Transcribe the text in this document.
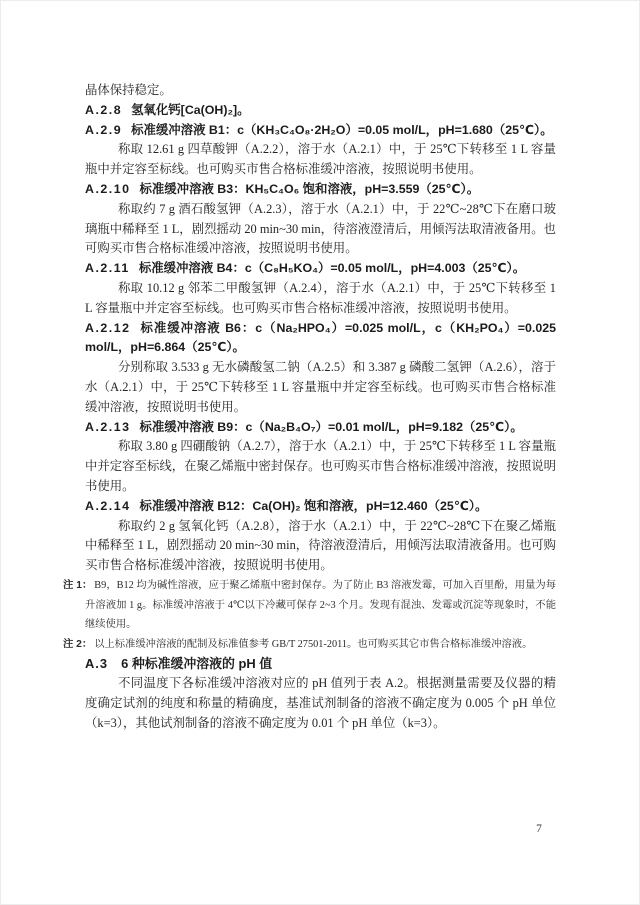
晶体保持稳定。

A.2.8 氢氧化钙[Ca(OH)₂]。

A.2.9 标准缓冲溶液 B1：c（KH₃C₄O₈·2H₂O）=0.05 mol/L，pH=1.680（25℃）。

称取 12.61 g 四草酸钾（A.2.2），溶于水（A.2.1）中，于 25℃下转移至 1 L 容量瓶中并定容至标线。也可购买市售合格标准缓冲溶液，按照说明书使用。

A.2.10 标准缓冲溶液 B3：KH₅C₄O₆ 饱和溶液，pH=3.559（25℃）。

称取约 7 g 酒石酸氢钾（A.2.3），溶于水（A.2.1）中，于 22℃~28℃下在磨口玻璃瓶中稀释至 1 L，剧烈摇动 20 min~30 min，待溶液澄清后，用倾泻法取清液备用。也可购买市售合格标准缓冲溶液，按照说明书使用。

A.2.11 标准缓冲溶液 B4：c（C₈H₅KO₄）=0.05 mol/L，pH=4.003（25℃）。

称取 10.12 g 邻苯二甲酸氢钾（A.2.4），溶于水（A.2.1）中，于 25℃下转移至 1 L 容量瓶中并定容至标线。也可购买市售合格标准缓冲溶液，按照说明书使用。

A.2.12 标准缓冲溶液 B6：c（Na₂HPO₄）=0.025 mol/L，c（KH₂PO₄）=0.025 mol/L，pH=6.864（25℃）。

分别称取 3.533 g 无水磷酸氢二钠（A.2.5）和 3.387 g 磷酸二氢钾（A.2.6），溶于水（A.2.1）中，于 25℃下转移至 1 L 容量瓶中并定容至标线。也可购买市售合格标准缓冲溶液，按照说明书使用。

A.2.13 标准缓冲溶液 B9：c（Na₂B₄O₇）=0.01 mol/L，pH=9.182（25℃）。

称取 3.80 g 四硼酸钠（A.2.7），溶于水（A.2.1）中，于 25℃下转移至 1 L 容量瓶中并定容至标线，在聚乙烯瓶中密封保存。也可购买市售合格标准缓冲溶液，按照说明书使用。

A.2.14 标准缓冲溶液 B12：Ca(OH)₂ 饱和溶液，pH=12.460（25℃）。

称取约 2 g 氢氧化钙（A.2.8），溶于水（A.2.1）中，于 22℃~28℃下在聚乙烯瓶中稀释至 1 L，剧烈摇动 20 min~30 min，待溶液澄清后，用倾泻法取清液备用。也可购买市售合格标准缓冲溶液，按照说明书使用。

注 1： B9，B12 均为碱性溶液，应于聚乙烯瓶中密封保存。为了防止 B3 溶液发霉，可加入百里酚，用量为每升溶液加 1 g。标准缓冲溶液于 4℃以下冷藏可保存 2~3 个月。发现有混浊、发霉或沉淀等现象时，不能继续使用。

注 2： 以上标准缓冲溶液的配制及标准值参考 GB/T 27501-2011。也可购买其它市售合格标准缓冲溶液。

A.3 6 种标准缓冲溶液的 pH 值

不同温度下各标准缓冲溶液对应的 pH 值列于表 A.2。根据测量需要及仪器的精度确定试剂的纯度和称量的精确度，基准试剂制备的溶液不确定度为 0.005 个 pH 单位（k=3），其他试剂制备的溶液不确定度为 0.01 个 pH 单位（k=3）。

7
